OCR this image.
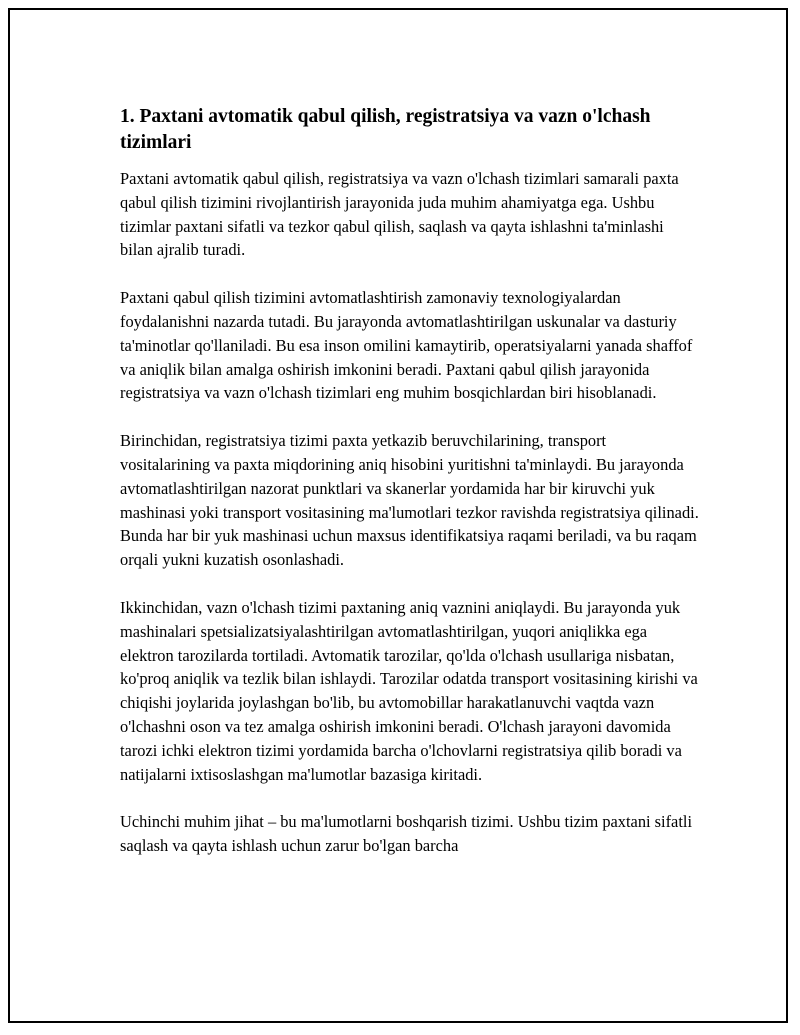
1. Paxtani avtomatik qabul qilish, registratsiya va vazn o'lchash tizimlari

Paxtani avtomatik qabul qilish, registratsiya va vazn o'lchash tizimlari samarali paxta qabul qilish tizimini rivojlantirish jarayonida juda muhim ahamiyatga ega. Ushbu tizimlar paxtani sifatli va tezkor qabul qilish, saqlash va qayta ishlashni ta'minlashi bilan ajralib turadi.

Paxtani qabul qilish tizimini avtomatlashtirish zamonaviy texnologiyalardan foydalanishni nazarda tutadi. Bu jarayonda avtomatlashtirilgan uskunalar va dasturiy ta'minotlar qo'llaniladi. Bu esa inson omilini kamaytirib, operatsiyalarni yanada shaffof va aniqlik bilan amalga oshirish imkonini beradi. Paxtani qabul qilish jarayonida registratsiya va vazn o'lchash tizimlari eng muhim bosqichlardan biri hisoblanadi.

Birinchidan, registratsiya tizimi paxta yetkazib beruvchilarining, transport vositalarining va paxta miqdorining aniq hisobini yuritishni ta'minlaydi. Bu jarayonda avtomatlashtirilgan nazorat punktlari va skanerlar yordamida har bir kiruvchi yuk mashinasi yoki transport vositasining ma'lumotlari tezkor ravishda registratsiya qilinadi. Bunda har bir yuk mashinasi uchun maxsus identifikatsiya raqami beriladi, va bu raqam orqali yukni kuzatish osonlashadi.

Ikkinchidan, vazn o'lchash tizimi paxtaning aniq vaznini aniqlaydi. Bu jarayonda yuk mashinalari spetsializatsiyalashtirilgan avtomatlashtirilgan, yuqori aniqlikka ega elektron tarozilarda tortiladi. Avtomatik tarozilar, qo'lda o'lchash usullariga nisbatan, ko'proq aniqlik va tezlik bilan ishlaydi. Tarozilar odatda transport vositasining kirishi va chiqishi joylarida joylashgan bo'lib, bu avtomobillar harakatlanuvchi vaqtda vazn o'lchashni oson va tez amalga oshirish imkonini beradi. O'lchash jarayoni davomida tarozi ichki elektron tizimi yordamida barcha o'lchovlarni registratsiya qilib boradi va natijalarni ixtisoslashgan ma'lumotlar bazasiga kiritadi.

Uchinchi muhim jihat – bu ma'lumotlarni boshqarish tizimi. Ushbu tizim paxtani sifatli saqlash va qayta ishlash uchun zarur bo'lgan barcha
